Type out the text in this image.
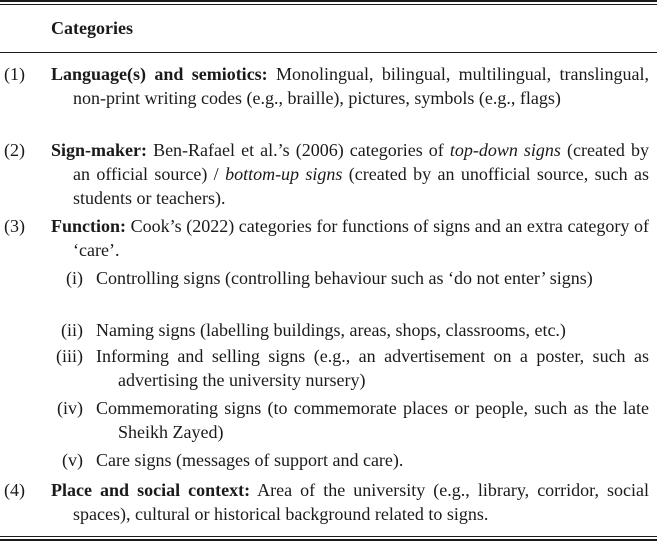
Categories
(1) Language(s) and semiotics: Monolingual, bilingual, multilingual, translingual, non-print writing codes (e.g., braille), pictures, symbols (e.g., flags)
(2) Sign-maker: Ben-Rafael et al.’s (2006) categories of top-down signs (created by an official source) / bottom-up signs (created by an unofficial source, such as students or teachers).
(3) Function: Cook’s (2022) categories for functions of signs and an extra category of ‘care’.
(i) Controlling signs (controlling behaviour such as ‘do not enter’ signs)
(ii) Naming signs (labelling buildings, areas, shops, classrooms, etc.)
(iii) Informing and selling signs (e.g., an advertisement on a poster, such as advertising the university nursery)
(iv) Commemorating signs (to commemorate places or people, such as the late Sheikh Zayed)
(v) Care signs (messages of support and care).
(4) Place and social context: Area of the university (e.g., library, corridor, social spaces), cultural or historical background related to signs.
